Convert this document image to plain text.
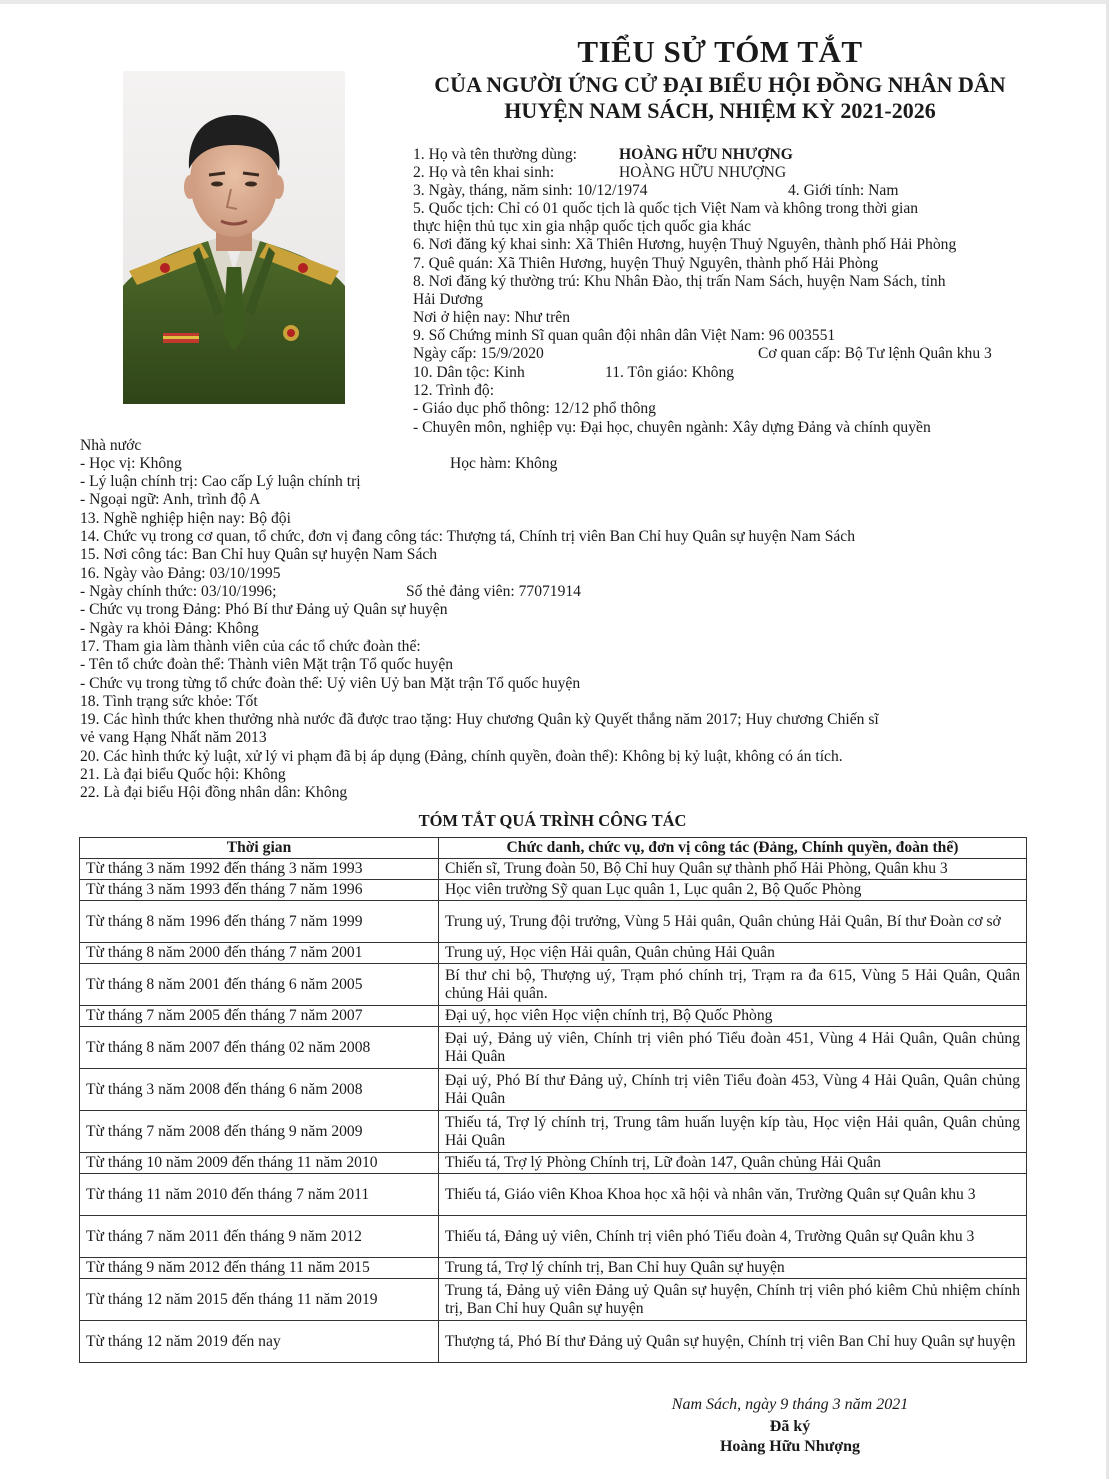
TIỂU SỬ TÓM TẮT
CỦA NGƯỜI ỨNG CỬ ĐẠI BIỂU HỘI ĐỒNG NHÂN DÂN
HUYỆN NAM SÁCH, NHIỆM KỲ 2021-2026
1. Họ và tên thường dùng:	HOÀNG HỮU NHƯỢNG
2. Họ và tên khai sinh:	HOÀNG HỮU NHƯỢNG
3. Ngày, tháng, năm sinh: 10/12/1974	4. Giới tính: Nam
5. Quốc tịch: Chỉ có 01 quốc tịch là quốc tịch Việt Nam và không trong thời gian
thực hiện thủ tục xin gia nhập quốc tịch quốc gia khác
6. Nơi đăng ký khai sinh: Xã Thiên Hương, huyện Thuỷ Nguyên, thành phố Hải Phòng
7. Quê quán: Xã Thiên Hương, huyện Thuỷ Nguyên, thành phố Hải Phòng
8. Nơi đăng ký thường trú: Khu Nhân Đào, thị trấn Nam Sách, huyện Nam Sách, tỉnh
Hải Dương
Nơi ở hiện nay: Như trên
9. Số Chứng minh Sĩ quan quân đội nhân dân Việt Nam: 96 003551
Ngày cấp: 15/9/2020	Cơ quan cấp: Bộ Tư lệnh Quân khu 3
10. Dân tộc: Kinh	11. Tôn giáo: Không
12. Trình độ:
- Giáo dục phổ thông: 12/12 phổ thông
- Chuyên môn, nghiệp vụ: Đại học, chuyên ngành: Xây dựng Đảng và chính quyền
Nhà nước
- Học vị: Không	Học hàm: Không
- Lý luận chính trị: Cao cấp Lý luận chính trị
- Ngoại ngữ: Anh, trình độ A
13. Nghề nghiệp hiện nay: Bộ đội
14. Chức vụ trong cơ quan, tổ chức, đơn vị đang công tác: Thượng tá, Chính trị viên Ban Chỉ huy Quân sự huyện Nam Sách
15. Nơi công tác: Ban Chỉ huy Quân sự huyện Nam Sách
16. Ngày vào Đảng: 03/10/1995
- Ngày chính thức: 03/10/1996;	Số thẻ đảng viên: 77071914
- Chức vụ trong Đảng: Phó Bí thư Đảng uỷ Quân sự huyện
- Ngày ra khỏi Đảng: Không
17. Tham gia làm thành viên của các tổ chức đoàn thể:
- Tên tổ chức đoàn thể: Thành viên Mặt trận Tổ quốc huyện
- Chức vụ trong từng tổ chức đoàn thể: Uỷ viên Uỷ ban Mặt trận Tổ quốc huyện
18. Tình trạng sức khỏe: Tốt
19. Các hình thức khen thưởng nhà nước đã được trao tặng: Huy chương Quân kỳ Quyết thắng năm 2017; Huy chương Chiến sĩ
vẻ vang Hạng Nhất năm 2013
20. Các hình thức kỷ luật, xử lý vi phạm đã bị áp dụng (Đảng, chính quyền, đoàn thể): Không bị kỷ luật, không có án tích.
21. Là đại biểu Quốc hội: Không
22. Là đại biểu Hội đồng nhân dân: Không
TÓM TẮT QUÁ TRÌNH CÔNG TÁC
Thời gian	Chức danh, chức vụ, đơn vị công tác (Đảng, Chính quyền, đoàn thể)
Từ tháng 3 năm 1992 đến tháng 3 năm 1993	Chiến sĩ, Trung đoàn 50, Bộ Chỉ huy Quân sự thành phố Hải Phòng, Quân khu 3
Từ tháng 3 năm 1993 đến tháng 7 năm 1996	Học viên trường Sỹ quan Lục quân 1, Lục quân 2, Bộ Quốc Phòng
Từ tháng 8 năm 1996 đến tháng 7 năm 1999	Trung uý, Trung đội trưởng, Vùng 5 Hải quân, Quân chủng Hải Quân, Bí thư Đoàn cơ sở
Từ tháng 8 năm 2000 đến tháng 7 năm 2001	Trung uý, Học viện Hải quân, Quân chủng Hải Quân
Từ tháng 8 năm 2001 đến tháng 6 năm 2005	Bí thư chi bộ, Thượng uý, Trạm phó chính trị, Trạm ra đa 615, Vùng 5 Hải Quân, Quân chủng Hải quân.
Từ tháng 7 năm 2005 đến tháng 7 năm 2007	Đại uý, học viên Học viện chính trị, Bộ Quốc Phòng
Từ tháng 8 năm 2007 đến tháng 02 năm 2008	Đại uý, Đảng uỷ viên, Chính trị viên phó Tiểu đoàn 451, Vùng 4 Hải Quân, Quân chủng Hải Quân
Từ tháng 3 năm 2008 đến tháng 6 năm 2008	Đại uý, Phó Bí thư Đảng uỷ, Chính trị viên Tiểu đoàn 453, Vùng 4 Hải Quân, Quân chủng Hải Quân
Từ tháng 7 năm 2008 đến tháng 9 năm 2009	Thiếu tá, Trợ lý chính trị, Trung tâm huấn luyện kíp tàu, Học viện Hải quân, Quân chủng Hải Quân
Từ tháng 10 năm 2009 đến tháng 11 năm 2010	Thiếu tá, Trợ lý Phòng Chính trị, Lữ đoàn 147, Quân chủng Hải Quân
Từ tháng 11 năm 2010 đến tháng 7 năm 2011	Thiếu tá, Giáo viên Khoa Khoa học xã hội và nhân văn, Trường Quân sự Quân khu 3
Từ tháng 7 năm 2011 đến tháng 9 năm 2012	Thiếu tá, Đảng uỷ viên, Chính trị viên phó Tiểu đoàn 4, Trường Quân sự Quân khu 3
Từ tháng 9 năm 2012 đến tháng 11 năm 2015	Trung tá, Trợ lý chính trị, Ban Chỉ huy Quân sự huyện
Từ tháng 12 năm 2015 đến tháng 11 năm 2019	Trung tá, Đảng uỷ viên Đảng uỷ Quân sự huyện, Chính trị viên phó kiêm Chủ nhiệm chính trị, Ban Chỉ huy Quân sự huyện
Từ tháng 12 năm 2019 đến nay	Thượng tá, Phó Bí thư Đảng uỷ Quân sự huyện, Chính trị viên Ban Chỉ huy Quân sự huyện
Nam Sách, ngày 9 tháng 3 năm 2021
Đã ký
Hoàng Hữu Nhượng
